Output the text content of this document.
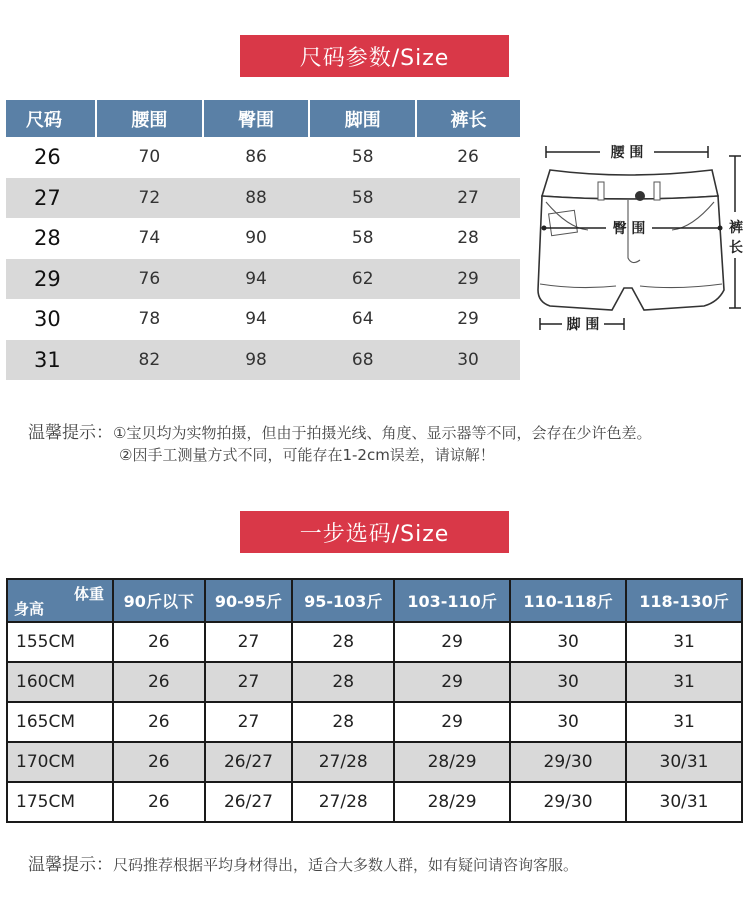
尺码参数/Size
尺码	腰围	臀围	脚围	裤长
26	70	86	58	26
27	72	88	58	27
28	74	90	58	28
29	76	94	62	29
30	78	94	64	29
31	82	98	68	30
腰 围
臀 围	裤
长
脚 围
温馨提示：①宝贝均为实物拍摄，但由于拍摄光线、角度、显示器等不同，会存在少许色差。
②因手工测量方式不同，可能存在1-2cm误差，请谅解！
一步选码/Size
体重
身高	90斤以下	90-95斤	95-103斤	103-110斤	110-118斤	118-130斤
155CM	26	27	28	29	30	31
160CM	26	27	28	29	30	31
165CM	26	27	28	29	30	31
170CM	26	26/27	27/28	28/29	29/30	30/31
175CM	26	26/27	27/28	28/29	29/30	30/31
温馨提示：尺码推荐根据平均身材得出，适合大多数人群，如有疑问请咨询客服。
